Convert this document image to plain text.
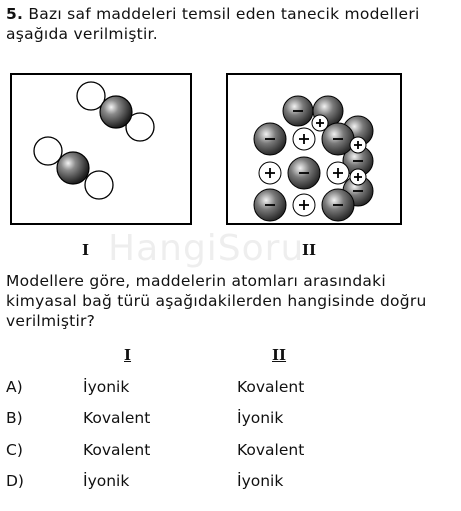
5. Bazı saf maddeleri temsil eden tanecik modelleri aşağıda verilmiştir.
HangiSoru
I	II
Modellere göre, maddelerin atomları arasındaki kimyasal bağ türü aşağıdakilerden hangisinde doğru verilmiştir?
I	II
A)	İyonik	Kovalent
B)	Kovalent	İyonik
C)	Kovalent	Kovalent
D)	İyonik	İyonik
